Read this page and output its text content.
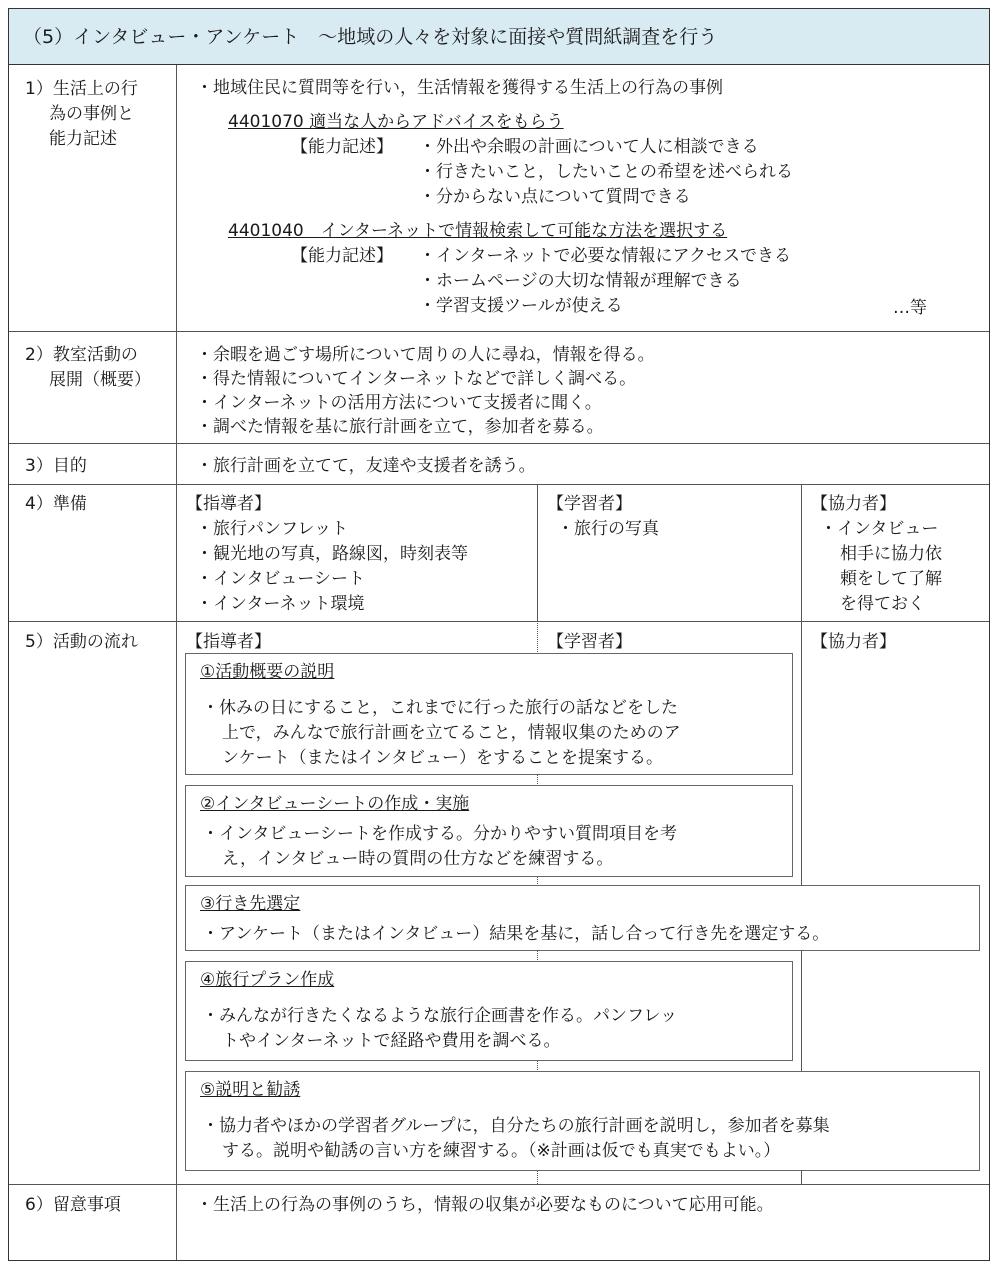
（5）インタビュー・アンケート　～地域の人々を対象に面接や質問紙調査を行う
1）生活上の行
為の事例と
能力記述
・地域住民に質問等を行い，生活情報を獲得する生活上の行為の事例
4401070 適当な人からアドバイスをもらう
【能力記述】 ・外出や余暇の計画について人に相談できる
・行きたいこと，したいことの希望を述べられる
・分からない点について質問できる
4401040　インターネットで情報検索して可能な方法を選択する
【能力記述】 ・インターネットで必要な情報にアクセスできる
・ホームページの大切な情報が理解できる
・学習支援ツールが使える	…等
2）教室活動の
展開（概要）
・余暇を過ごす場所について周りの人に尋ね，情報を得る。
・得た情報についてインターネットなどで詳しく調べる。
・インターネットの活用方法について支援者に聞く。
・調べた情報を基に旅行計画を立て，参加者を募る。
3）目的	・旅行計画を立てて，友達や支援者を誘う。
4）準備	【指導者】
・旅行パンフレット
・観光地の写真，路線図，時刻表等
・インタビューシート
・インターネット環境
【学習者】
・旅行の写真
【協力者】
・インタビュー
相手に協力依
頼をして了解
を得ておく
5）活動の流れ	【指導者】	【学習者】	【協力者】
①活動概要の説明
・休みの日にすること，これまでに行った旅行の話などをした
上で，みんなで旅行計画を立てること，情報収集のためのア
ンケート（またはインタビュー）をすることを提案する。
②インタビューシートの作成・実施
・インタビューシートを作成する。分かりやすい質問項目を考
え，インタビュー時の質問の仕方などを練習する。
③行き先選定
・アンケート（またはインタビュー）結果を基に，話し合って行き先を選定する。
④旅行プラン作成
・みんなが行きたくなるような旅行企画書を作る。パンフレッ
トやインターネットで経路や費用を調べる。
⑤説明と勧誘
・協力者やほかの学習者グループに，自分たちの旅行計画を説明し，参加者を募集
する。説明や勧誘の言い方を練習する。（※計画は仮でも真実でもよい。）
6）留意事項	・生活上の行為の事例のうち，情報の収集が必要なものについて応用可能。
